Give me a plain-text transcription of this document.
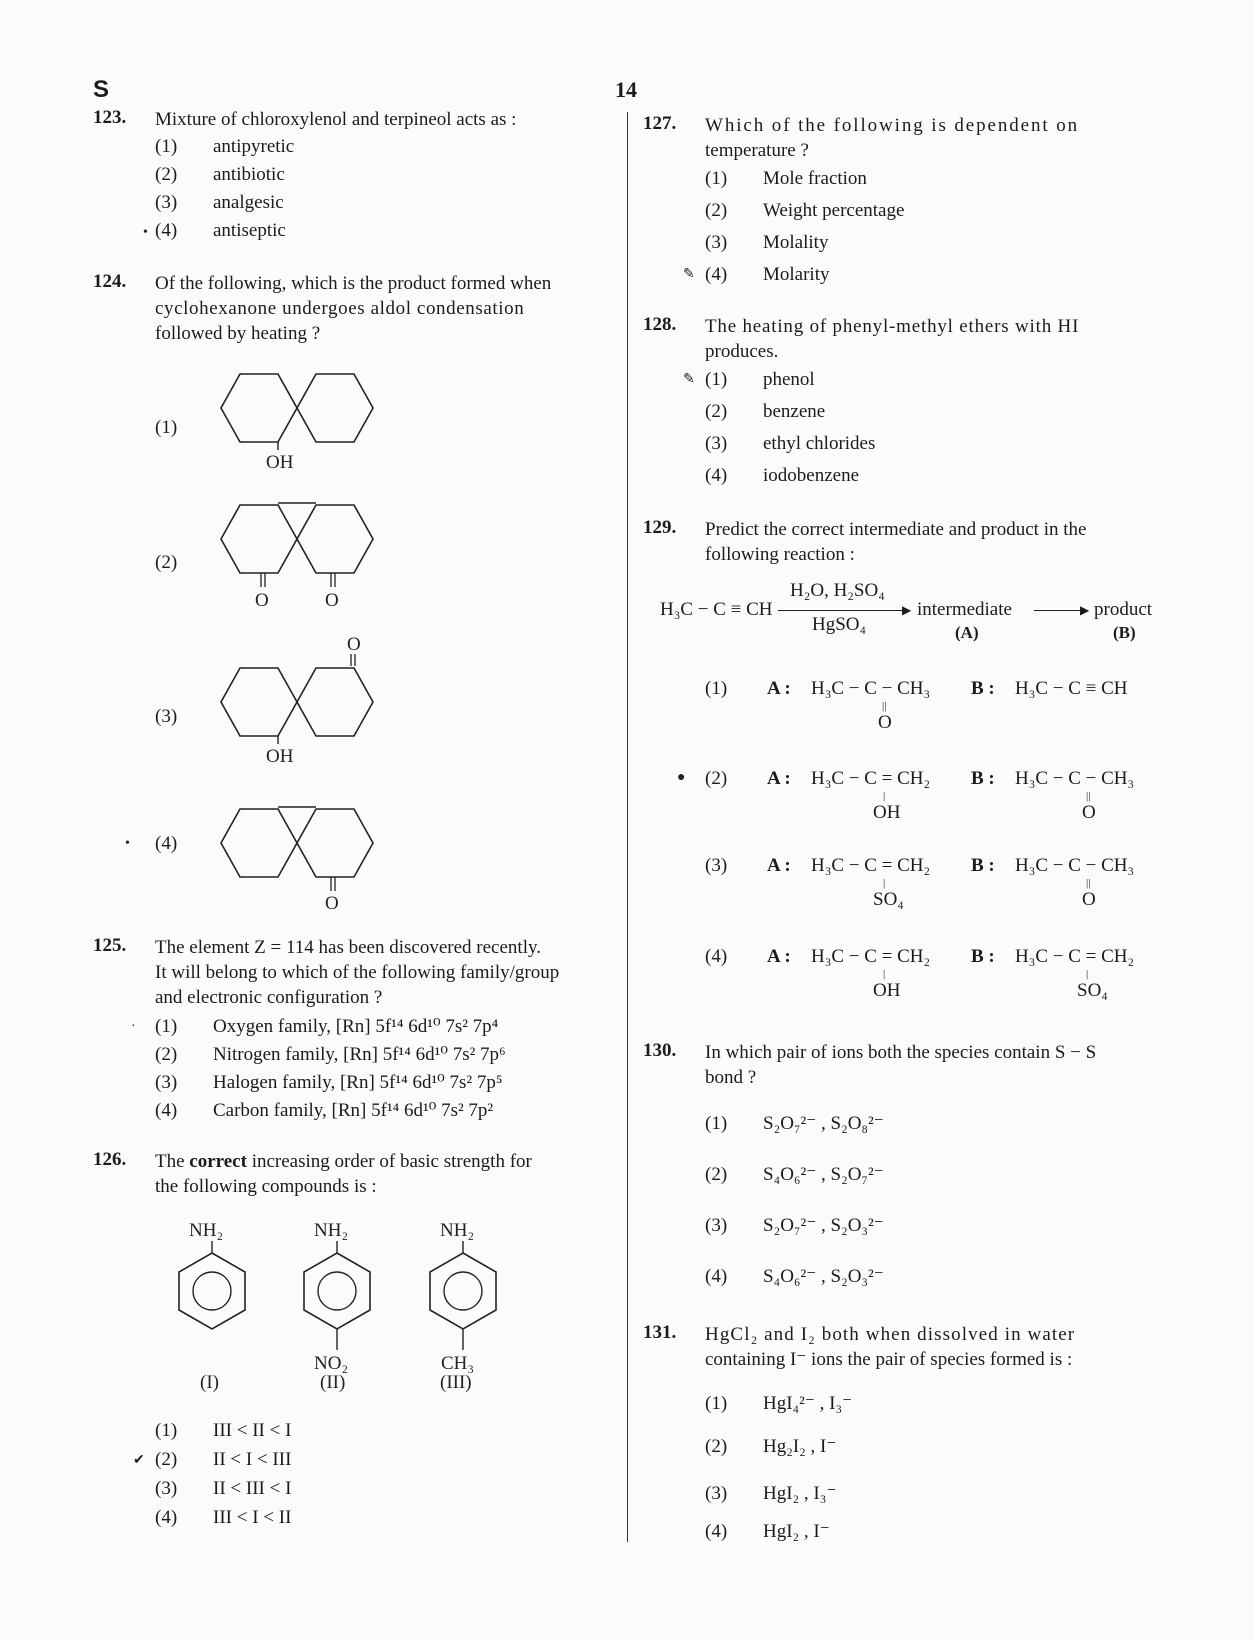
S	14
123. Mixture of chloroxylenol and terpineol acts as :
(1) antipyretic
(2) antibiotic
(3) analgesic
(4) antiseptic
•
124. Of the following, which is the product formed when
cyclohexanone undergoes aldol condensation
followed by heating ?
(1)
(2)
(3)
(4)
•
OH
O	O
O
OH
O
125. The element Z = 114 has been discovered recently.
It will belong to which of the following family/group
and electronic configuration ?
(1) Oxygen family, [Rn] 5f¹⁴ 6d¹⁰ 7s² 7p⁴
(2) Nitrogen family, [Rn] 5f¹⁴ 6d¹⁰ 7s² 7p⁶
(3) Halogen family, [Rn] 5f¹⁴ 6d¹⁰ 7s² 7p⁵
(4) Carbon family, [Rn] 5f¹⁴ 6d¹⁰ 7s² 7p²
·
126. The correct increasing order of basic strength for
the following compounds is :
NH₂
(I)
NH₂
NO₂
(II)
NH₂
CH₃
(III)
(1) III < II < I
(2) II < I < III
(3) II < III < I
(4) III < I < II
✔
127. Which of the following is dependent on
temperature ?
(1) Mole fraction
(2) Weight percentage
(3) Molality
(4) Molarity
✎
128. The heating of phenyl-methyl ethers with HI
produces.
(1) phenol
(2) benzene
(3) ethyl chlorides
(4) iodobenzene
✎
129. Predict the correct intermediate and product in the
following reaction :
H₃C − C ≡ CH
H₂O, H₂SO₄
▶
HgSO₄
intermediate
(A)
▶ product
(B)
(1) A : H₃C − C − CH₃
||
O
B : H₃C − C ≡ CH
● (2) A : H₃C − C = CH₂
|
OH
B : H₃C − C − CH₃
||
O
(3) A : H₃C − C = CH₂
|
SO₄
B : H₃C − C − CH₃
||
O
(4) A : H₃C − C = CH₂
|
OH
B : H₃C − C = CH₂
|
SO₄
130. In which pair of ions both the species contain S − S
bond ?
(1) S₂O₇²⁻ , S₂O₈²⁻
(2) S₄O₆²⁻ , S₂O₇²⁻
(3) S₂O₇²⁻ , S₂O₃²⁻
(4) S₄O₆²⁻ , S₂O₃²⁻
131. HgCl₂ and I₂ both when dissolved in water
containing I⁻ ions the pair of species formed is :
(1) HgI₄²⁻ , I₃⁻
(2) Hg₂I₂ , I⁻
(3) HgI₂ , I₃⁻
(4) HgI₂ , I⁻
